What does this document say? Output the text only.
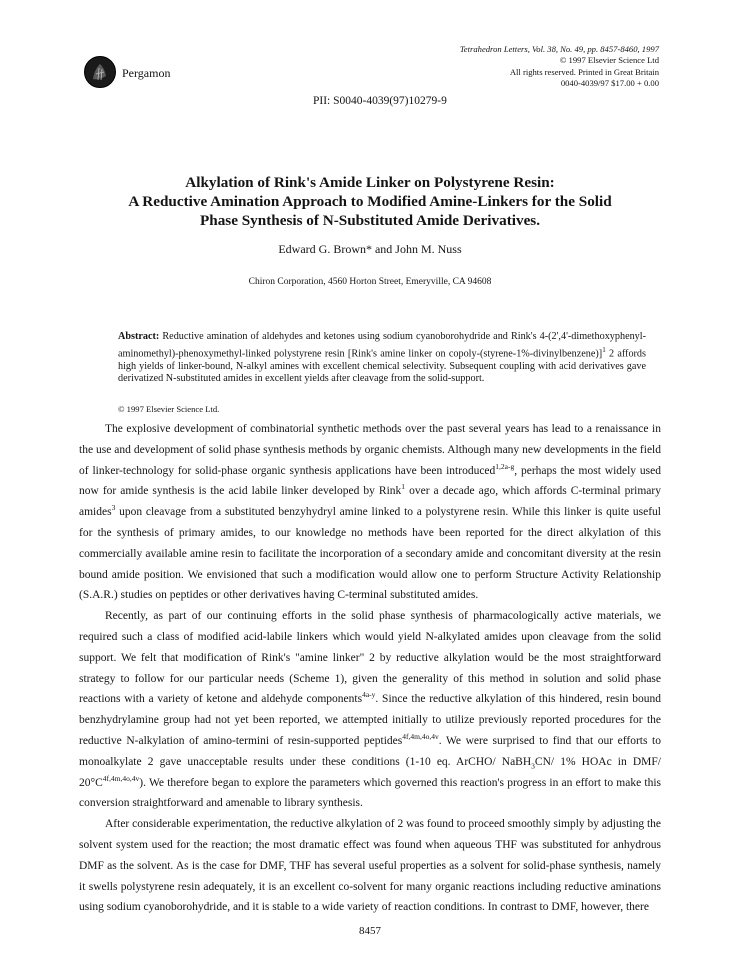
Pergamon
Tetrahedron Letters, Vol. 38, No. 49, pp. 8457-8460, 1997
© 1997 Elsevier Science Ltd
All rights reserved. Printed in Great Britain
0040-4039/97 $17.00 + 0.00
PII: S0040-4039(97)10279-9
Alkylation of Rink's Amide Linker on Polystyrene Resin:
A Reductive Amination Approach to Modified Amine-Linkers for the Solid
Phase Synthesis of N-Substituted Amide Derivatives.
Edward G. Brown* and John M. Nuss
Chiron Corporation, 4560 Horton Street, Emeryville, CA 94608
Abstract: Reductive amination of aldehydes and ketones using sodium cyanoborohydride and Rink's 4-(2',4'-dimethoxyphenyl-aminomethyl)-phenoxymethyl-linked polystyrene resin [Rink's amine linker on copoly-(styrene-1%-divinylbenzene)]$^1$ 2 affords high yields of linker-bound, N-alkyl amines with excellent chemical selectivity. Subsequent coupling with acid derivatives gave derivatized N-substituted amides in excellent yields after cleavage from the solid-support.
© 1997 Elsevier Science Ltd.

The explosive development of combinatorial synthetic methods over the past several years has lead to a renaissance in the use and development of solid phase synthesis methods by organic chemists. Although many new developments in the field of linker-technology for solid-phase organic synthesis applications have been introduced$^{1,2a-g}$, perhaps the most widely used now for amide synthesis is the acid labile linker developed by Rink$^1$ over a decade ago, which affords C-terminal primary amides$^3$ upon cleavage from a substituted benzyhydryl amine linked to a polystyrene resin. While this linker is quite useful for the synthesis of primary amides, to our knowledge no methods have been reported for the direct alkylation of this commercially available amine resin to facilitate the incorporation of a secondary amide and concomitant diversity at the resin bound amide position. We envisioned that such a modification would allow one to perform Structure Activity Relationship (S.A.R.) studies on peptides or other derivatives having C-terminal substituted amides.

Recently, as part of our continuing efforts in the solid phase synthesis of pharmacologically active materials, we required such a class of modified acid-labile linkers which would yield N-alkylated amides upon cleavage from the solid support. We felt that modification of Rink's "amine linker" 2 by reductive alkylation would be the most straightforward strategy to follow for our particular needs (Scheme 1), given the generality of this method in solution and solid phase reactions with a variety of ketone and aldehyde components$^{4a-y}$. Since the reductive alkylation of this hindered, resin bound benzhydrylamine group had not yet been reported, we attempted initially to utilize previously reported procedures for the reductive N-alkylation of amino-termini of resin-supported peptides$^{4f,4m,4o,4v}$. We were surprised to find that our efforts to monoalkylate 2 gave unacceptable results under these conditions (1-10 eq. ArCHO/ NaBH$_3$CN/ 1% HOAc in DMF/ $20^\circ C^{4f,4m,4o,4v}$). We therefore began to explore the parameters which governed this reaction's progress in an effort to make this conversion straightforward and amenable to library synthesis.

After considerable experimentation, the reductive alkylation of 2 was found to proceed smoothly simply by adjusting the solvent system used for the reaction; the most dramatic effect was found when aqueous THF was substituted for anhydrous DMF as the solvent. As is the case for DMF, THF has several useful properties as a solvent for solid-phase synthesis, namely it swells polystyrene resin adequately, it is an excellent co-solvent for many organic reactions including reductive aminations using sodium cyanoborohydride, and it is stable to a wide variety of reaction conditions. In contrast to DMF, however, there

8457
